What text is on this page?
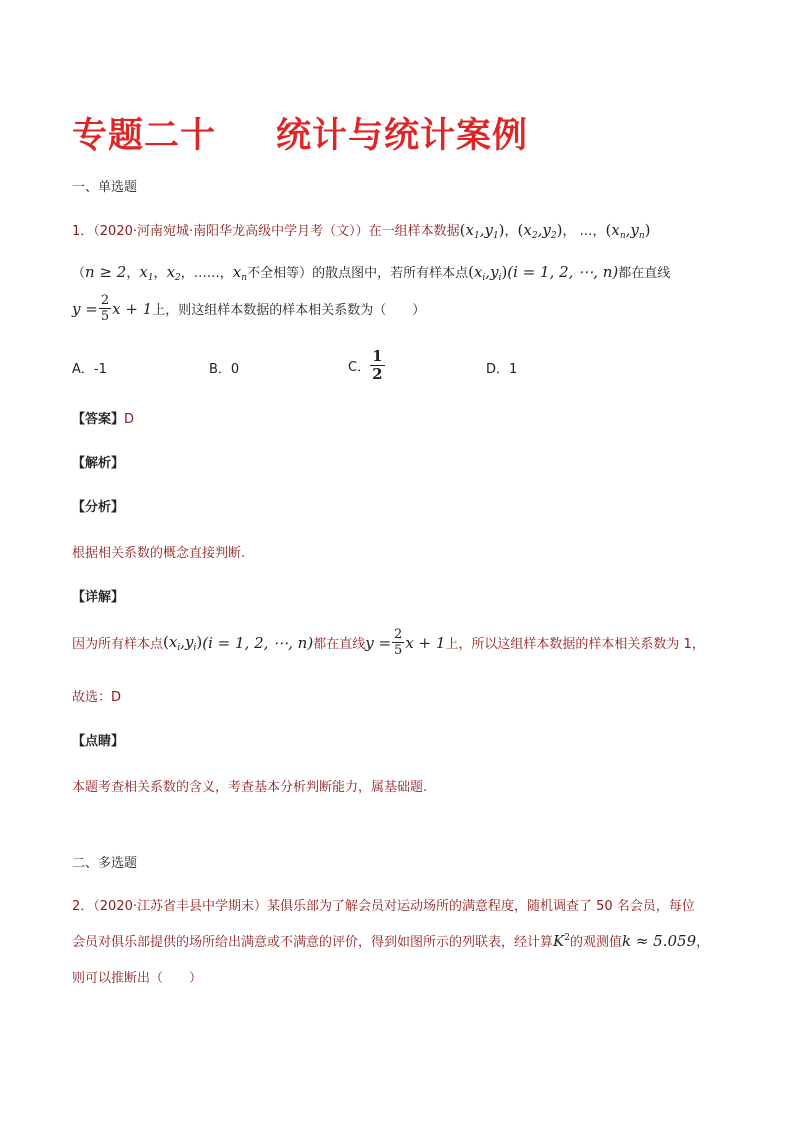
专题二十 统计与统计案例
一、单选题
1．（2020·河南宛城·南阳华龙高级中学月考（文））在一组样本数据$(x_1,y_1)$，$(x_2,y_2)$， …，$(x_n,y_n)$
（n ≥ 2，$x_1$，$x_2$，……，$x_n$不全相等）的散点图中，若所有样本点$(x_i,y_i)(i = 1$, 2, ⋯, n)都在直线
$y = \frac{2}{5}$ x + 1 上，则这组样本数据的样本相关系数为（　　）
A．-1	B．0	C．
1
2	D．1
【答案】D
【解析】
【分析】
根据相关系数的概念直接判断.
【详解】
因为所有样本点 $(x_i,y_i) (i = 1$, 2, ⋯, n) 都在直线 $y = \frac{2}{5}$ x + 1 上，所以这组样本数据的样本相关系数为 1，
故选：D
【点睛】
本题考查相关系数的含义，考查基本分析判断能力，属基础题.
二、多选题
2．（2020·江苏省丰县中学期末）某俱乐部为了解会员对运动场所的满意程度，随机调查了 50 名会员，每位
会员对俱乐部提供的场所给出满意或不满意的评价，得到如图所示的列联表，经计算$K^2$的观测值k ≈ 5.059，
则可以推断出（　　）
